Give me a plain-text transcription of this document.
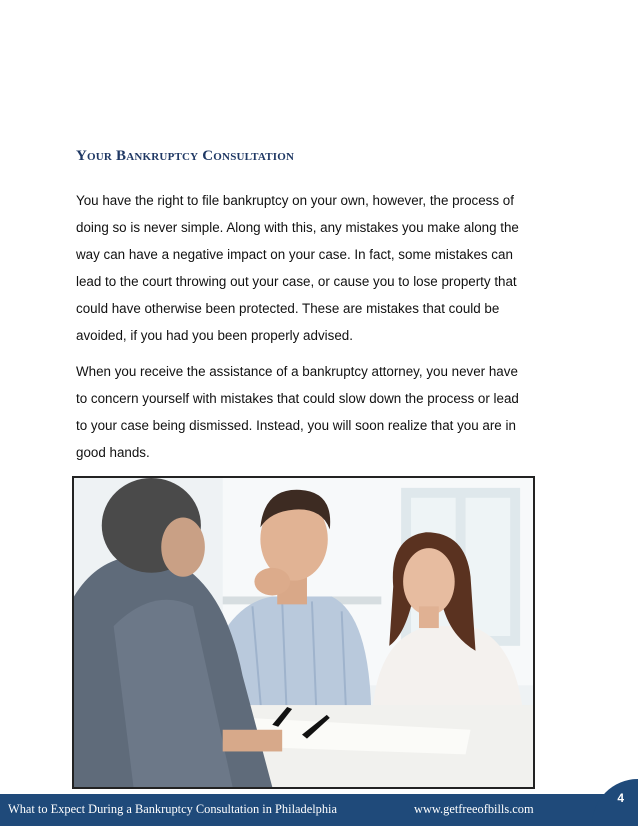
Your Bankruptcy Consultation

You have the right to file bankruptcy on your own, however, the process of
doing so is never simple. Along with this, any mistakes you make along the
way can have a negative impact on your case. In fact, some mistakes can
lead to the court throwing out your case, or cause you to lose property that
could have otherwise been protected. These are mistakes that could be
avoided, if you had you been properly advised.

When you receive the assistance of a bankruptcy attorney, you never have
to concern yourself with mistakes that could slow down the process or lead
to your case being dismissed. Instead, you will soon realize that you are in
good hands.

What to Expect During a Bankruptcy Consultation in Philadelphia	www.getfreeofbills.com
4
